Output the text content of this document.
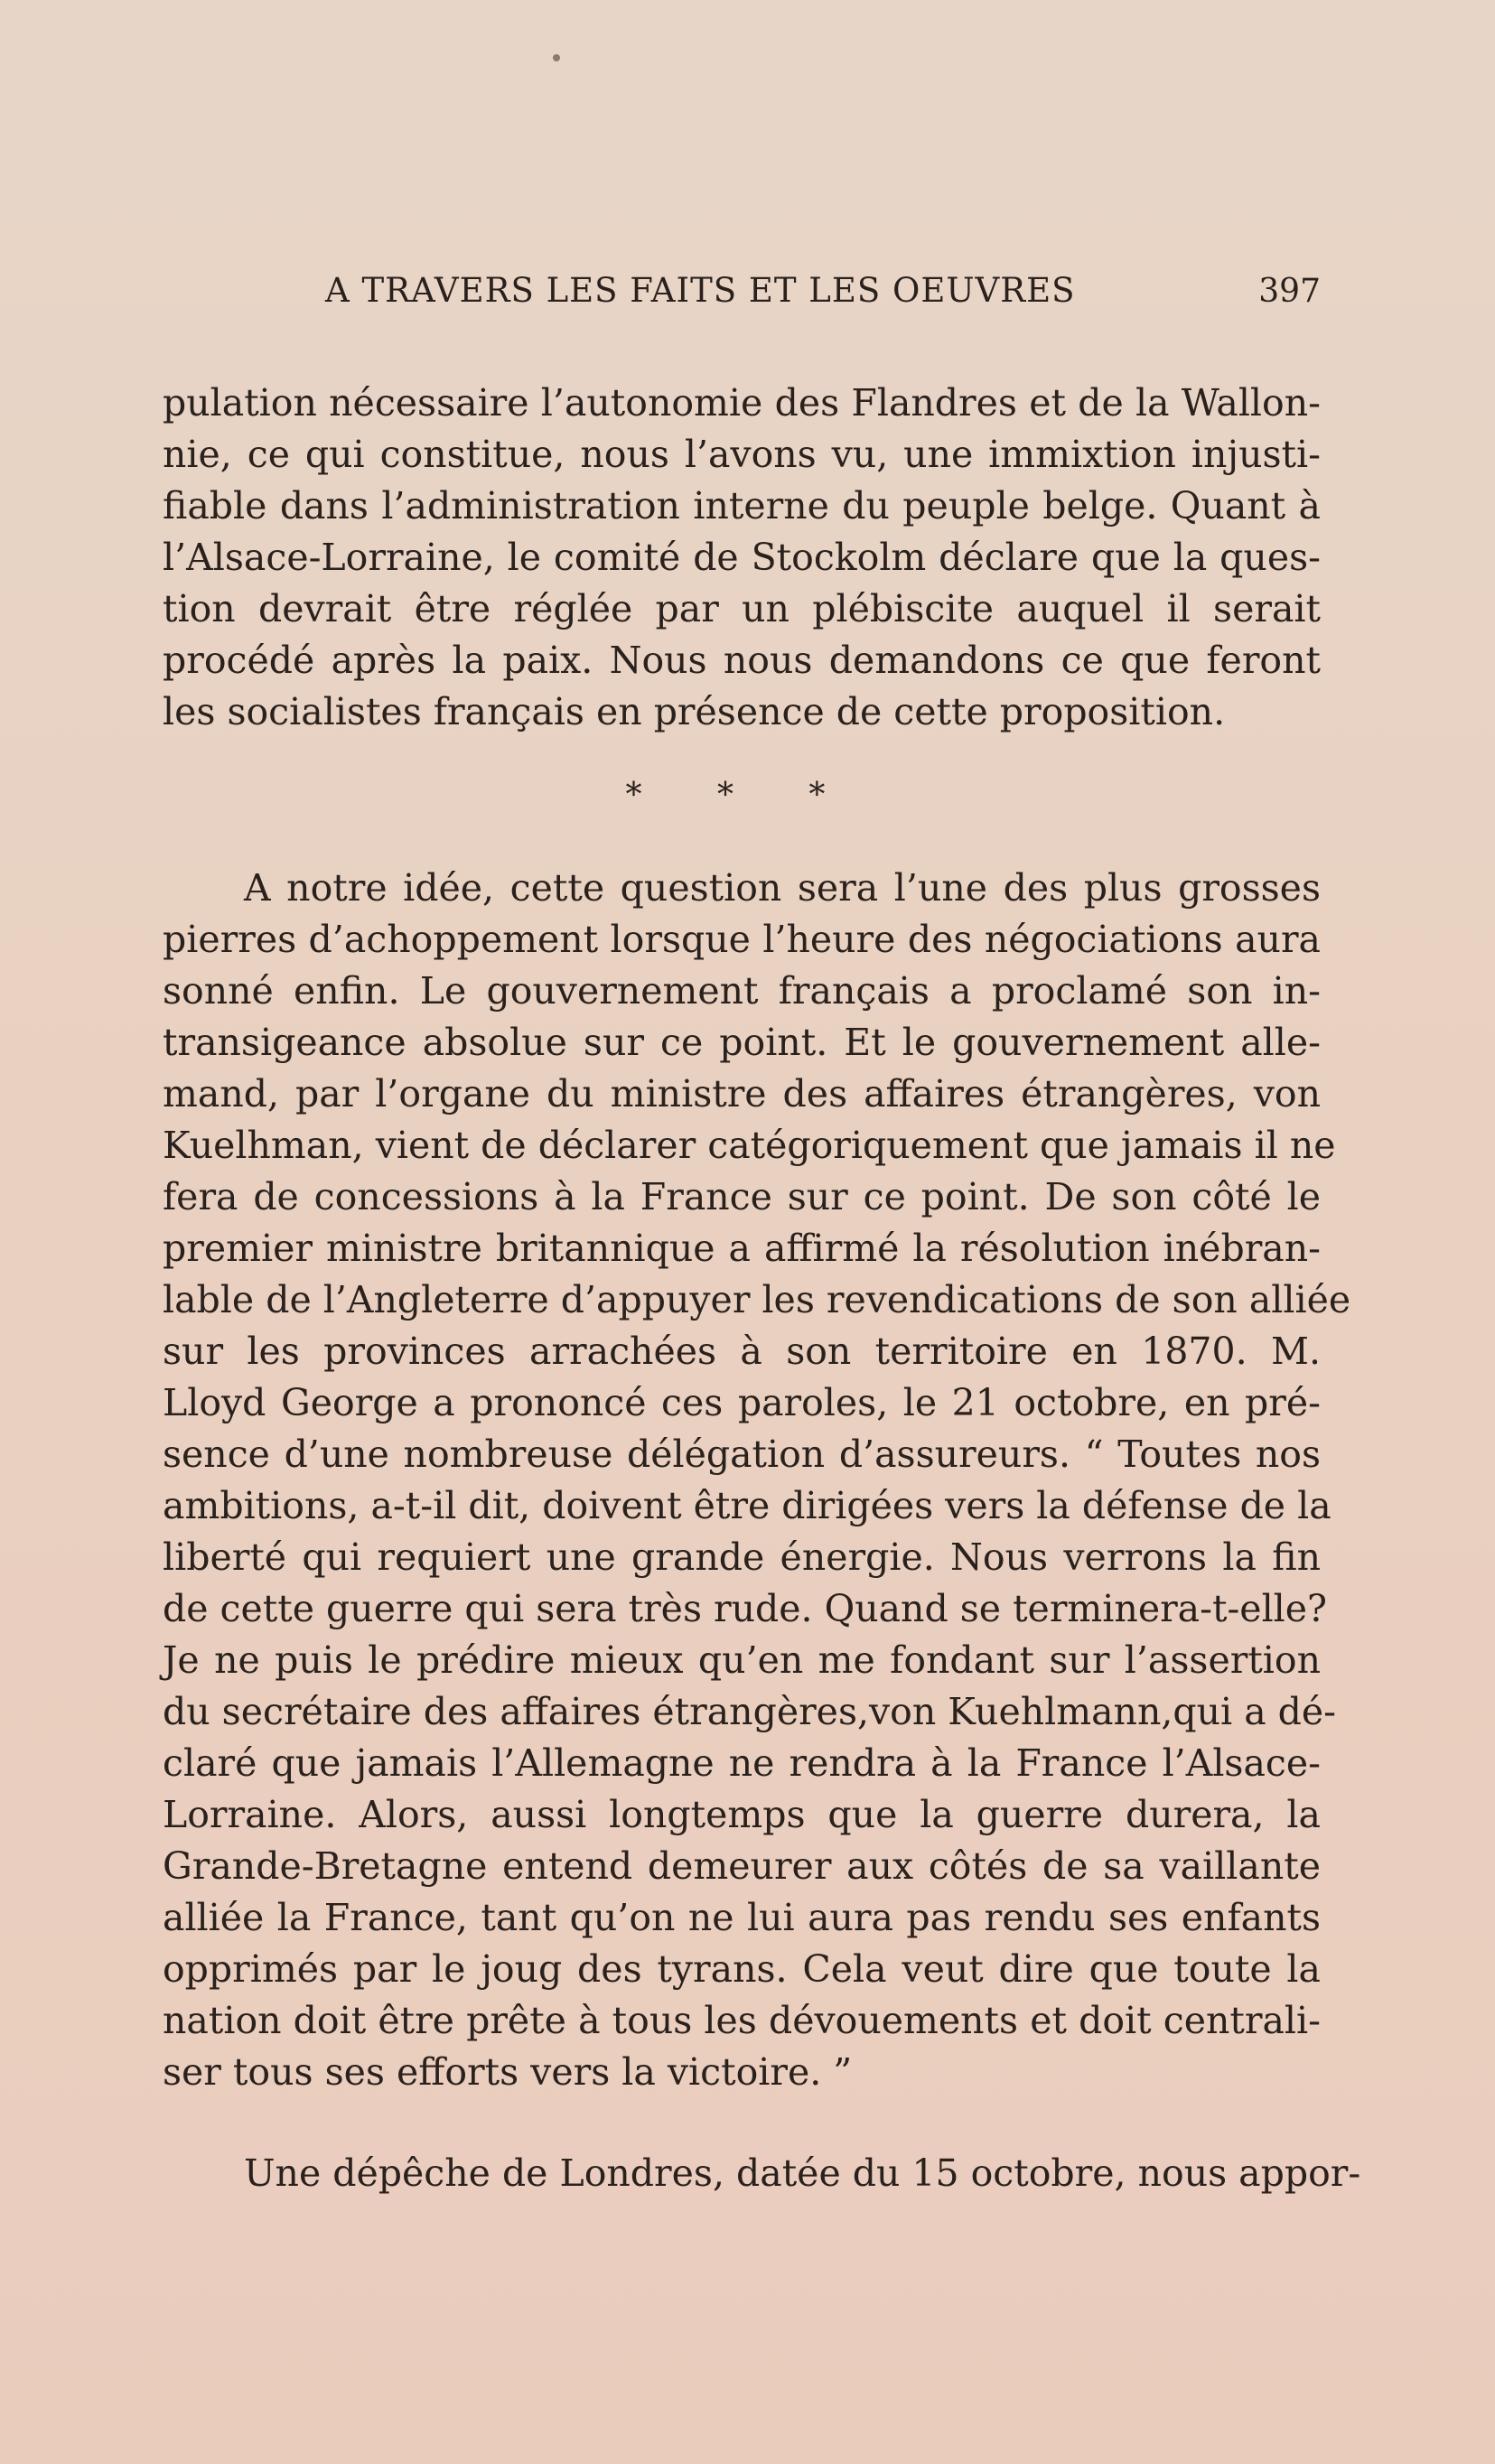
A TRAVERS LES FAITS ET LES OEUVRES	397
pulation nécessaire l’autonomie des Flandres et de la Wallon-
nie, ce qui constitue, nous l’avons vu, une immixtion injusti-
fiable dans l’administration interne du peuple belge. Quant à
l’Alsace-Lorraine, le comité de Stockolm déclare que la ques-
tion devrait être réglée par un plébiscite auquel il serait
procédé après la paix. Nous nous demandons ce que feront
les socialistes français en présence de cette proposition.
* * *
A notre idée, cette question sera l’une des plus grosses
pierres d’achoppement lorsque l’heure des négociations aura
sonné enfin. Le gouvernement français a proclamé son in-
transigeance absolue sur ce point. Et le gouvernement alle-
mand, par l’organe du ministre des affaires étrangères, von
Kuelhman, vient de déclarer catégoriquement que jamais il ne
fera de concessions à la France sur ce point. De son côté le
premier ministre britannique a affirmé la résolution inébran-
lable de l’Angleterre d’appuyer les revendications de son alliée
sur les provinces arrachées à son territoire en 1870. M.
Lloyd George a prononcé ces paroles, le 21 octobre, en pré-
sence d’une nombreuse délégation d’assureurs. “ Toutes nos
ambitions, a-t-il dit, doivent être dirigées vers la défense de la
liberté qui requiert une grande énergie. Nous verrons la fin
de cette guerre qui sera très rude. Quand se terminera-t-elle?
Je ne puis le prédire mieux qu’en me fondant sur l’assertion
du secrétaire des affaires étrangères,von Kuehlmann,qui a dé-
claré que jamais l’Allemagne ne rendra à la France l’Alsace-
Lorraine. Alors, aussi longtemps que la guerre durera, la
Grande-Bretagne entend demeurer aux côtés de sa vaillante
alliée la France, tant qu’on ne lui aura pas rendu ses enfants
opprimés par le joug des tyrans. Cela veut dire que toute la
nation doit être prête à tous les dévouements et doit centrali-
ser tous ses efforts vers la victoire. ”
Une dépêche de Londres, datée du 15 octobre, nous appor-
